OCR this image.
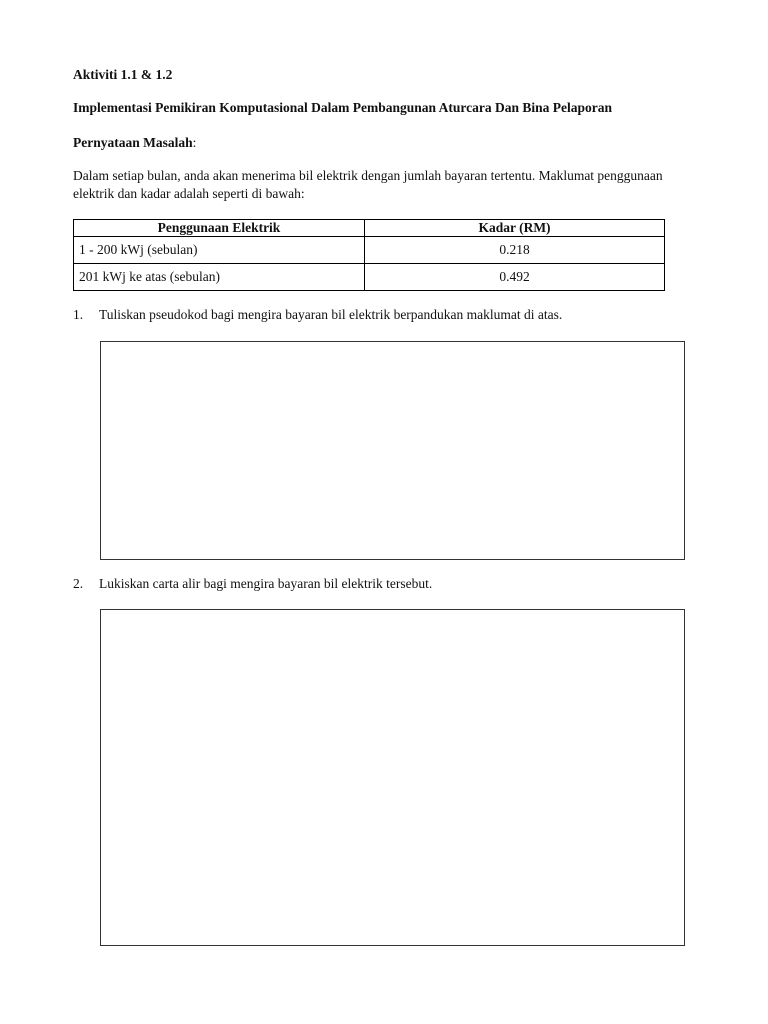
Aktiviti 1.1 & 1.2
Implementasi Pemikiran Komputasional Dalam Pembangunan Aturcara Dan Bina Pelaporan
Pernyataan Masalah:
Dalam setiap bulan, anda akan menerima bil elektrik dengan jumlah bayaran tertentu. Maklumat penggunaan elektrik dan kadar adalah seperti di bawah:
Penggunaan Elektrik	Kadar (RM)
1 - 200 kWj (sebulan)	0.218
201 kWj ke atas (sebulan)	0.492
1. Tuliskan pseudokod bagi mengira bayaran bil elektrik berpandukan maklumat di atas.
2. Lukiskan carta alir bagi mengira bayaran bil elektrik tersebut.
